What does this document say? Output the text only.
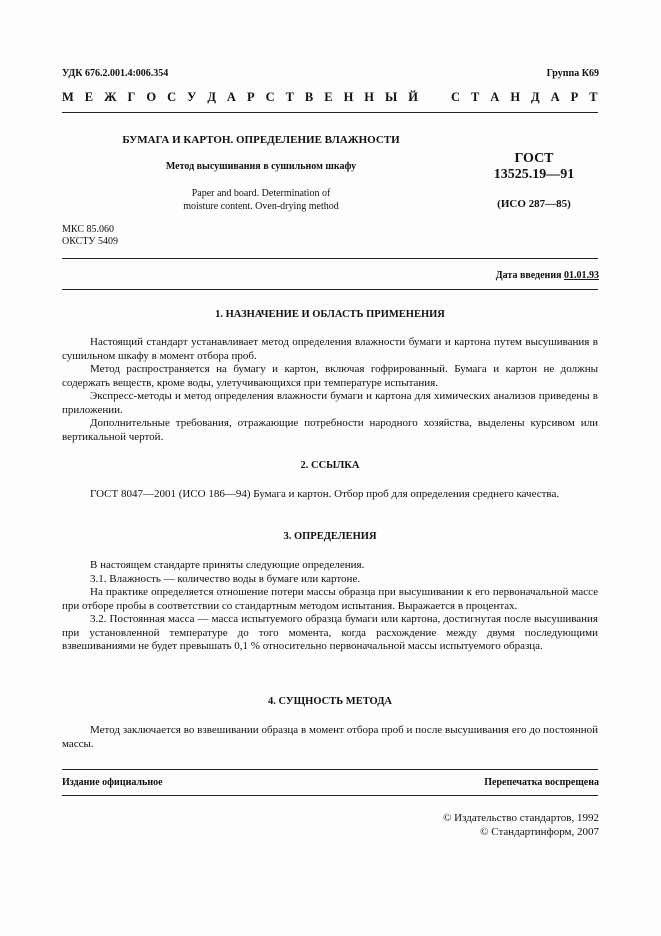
УДК 676.2.001.4:006.354	Группа К69
М Е Ж Г О С У Д А Р С Т В Е Н Н Ы Й	С Т А Н Д А Р Т
БУМАГА И КАРТОН. ОПРЕДЕЛЕНИЕ ВЛАЖНОСТИ
Метод высушивания в сушильном шкафу
Paper and board. Determination of
moisture content. Oven-drying method
ГОСТ
13525.19—91
(ИСО 287—85)
МКС 85.060
ОКСТУ 5409
Дата введения 01.01.93
1. НАЗНАЧЕНИЕ И ОБЛАСТЬ ПРИМЕНЕНИЯ

Настоящий стандарт устанавливает метод определения влажности бумаги и картона путем высушивания в сушильном шкафу в момент отбора проб.

Метод распространяется на бумагу и картон, включая гофрированный. Бумага и картон не должны содержать веществ, кроме воды, улетучивающихся при температуре испытания.

Экспресс-методы и метод определения влажности бумаги и картона для химических анализов приведены в приложении.

Дополнительные требования, отражающие потребности народного хозяйства, выделены курсивом или вертикальной чертой.

2. ССЫЛКА

ГОСТ 8047—2001 (ИСО 186—94) Бумага и картон. Отбор проб для определения среднего качества.

3. ОПРЕДЕЛЕНИЯ

В настоящем стандарте приняты следующие определения.

3.1. Влажность — количество воды в бумаге или картоне.

На практике определяется отношение потери массы образца при высушивании к его первоначальной массе при отборе пробы в соответствии со стандартным методом испытания. Выражается в процентах.

3.2. Постоянная масса — масса испытуемого образца бумаги или картона, достигнутая после высушивания при установленной температуре до того момента, когда расхождение между двумя последующими взвешиваниями не будет превышать 0,1 % относительно первоначальной массы испытуемого образца.

4. СУЩНОСТЬ МЕТОДА

Метод заключается во взвешивании образца в момент отбора проб и после высушивания его до постоянной массы.

Издание официальное	Перепечатка воспрещена
© Издательство стандартов, 1992
© Стандартинформ, 2007
